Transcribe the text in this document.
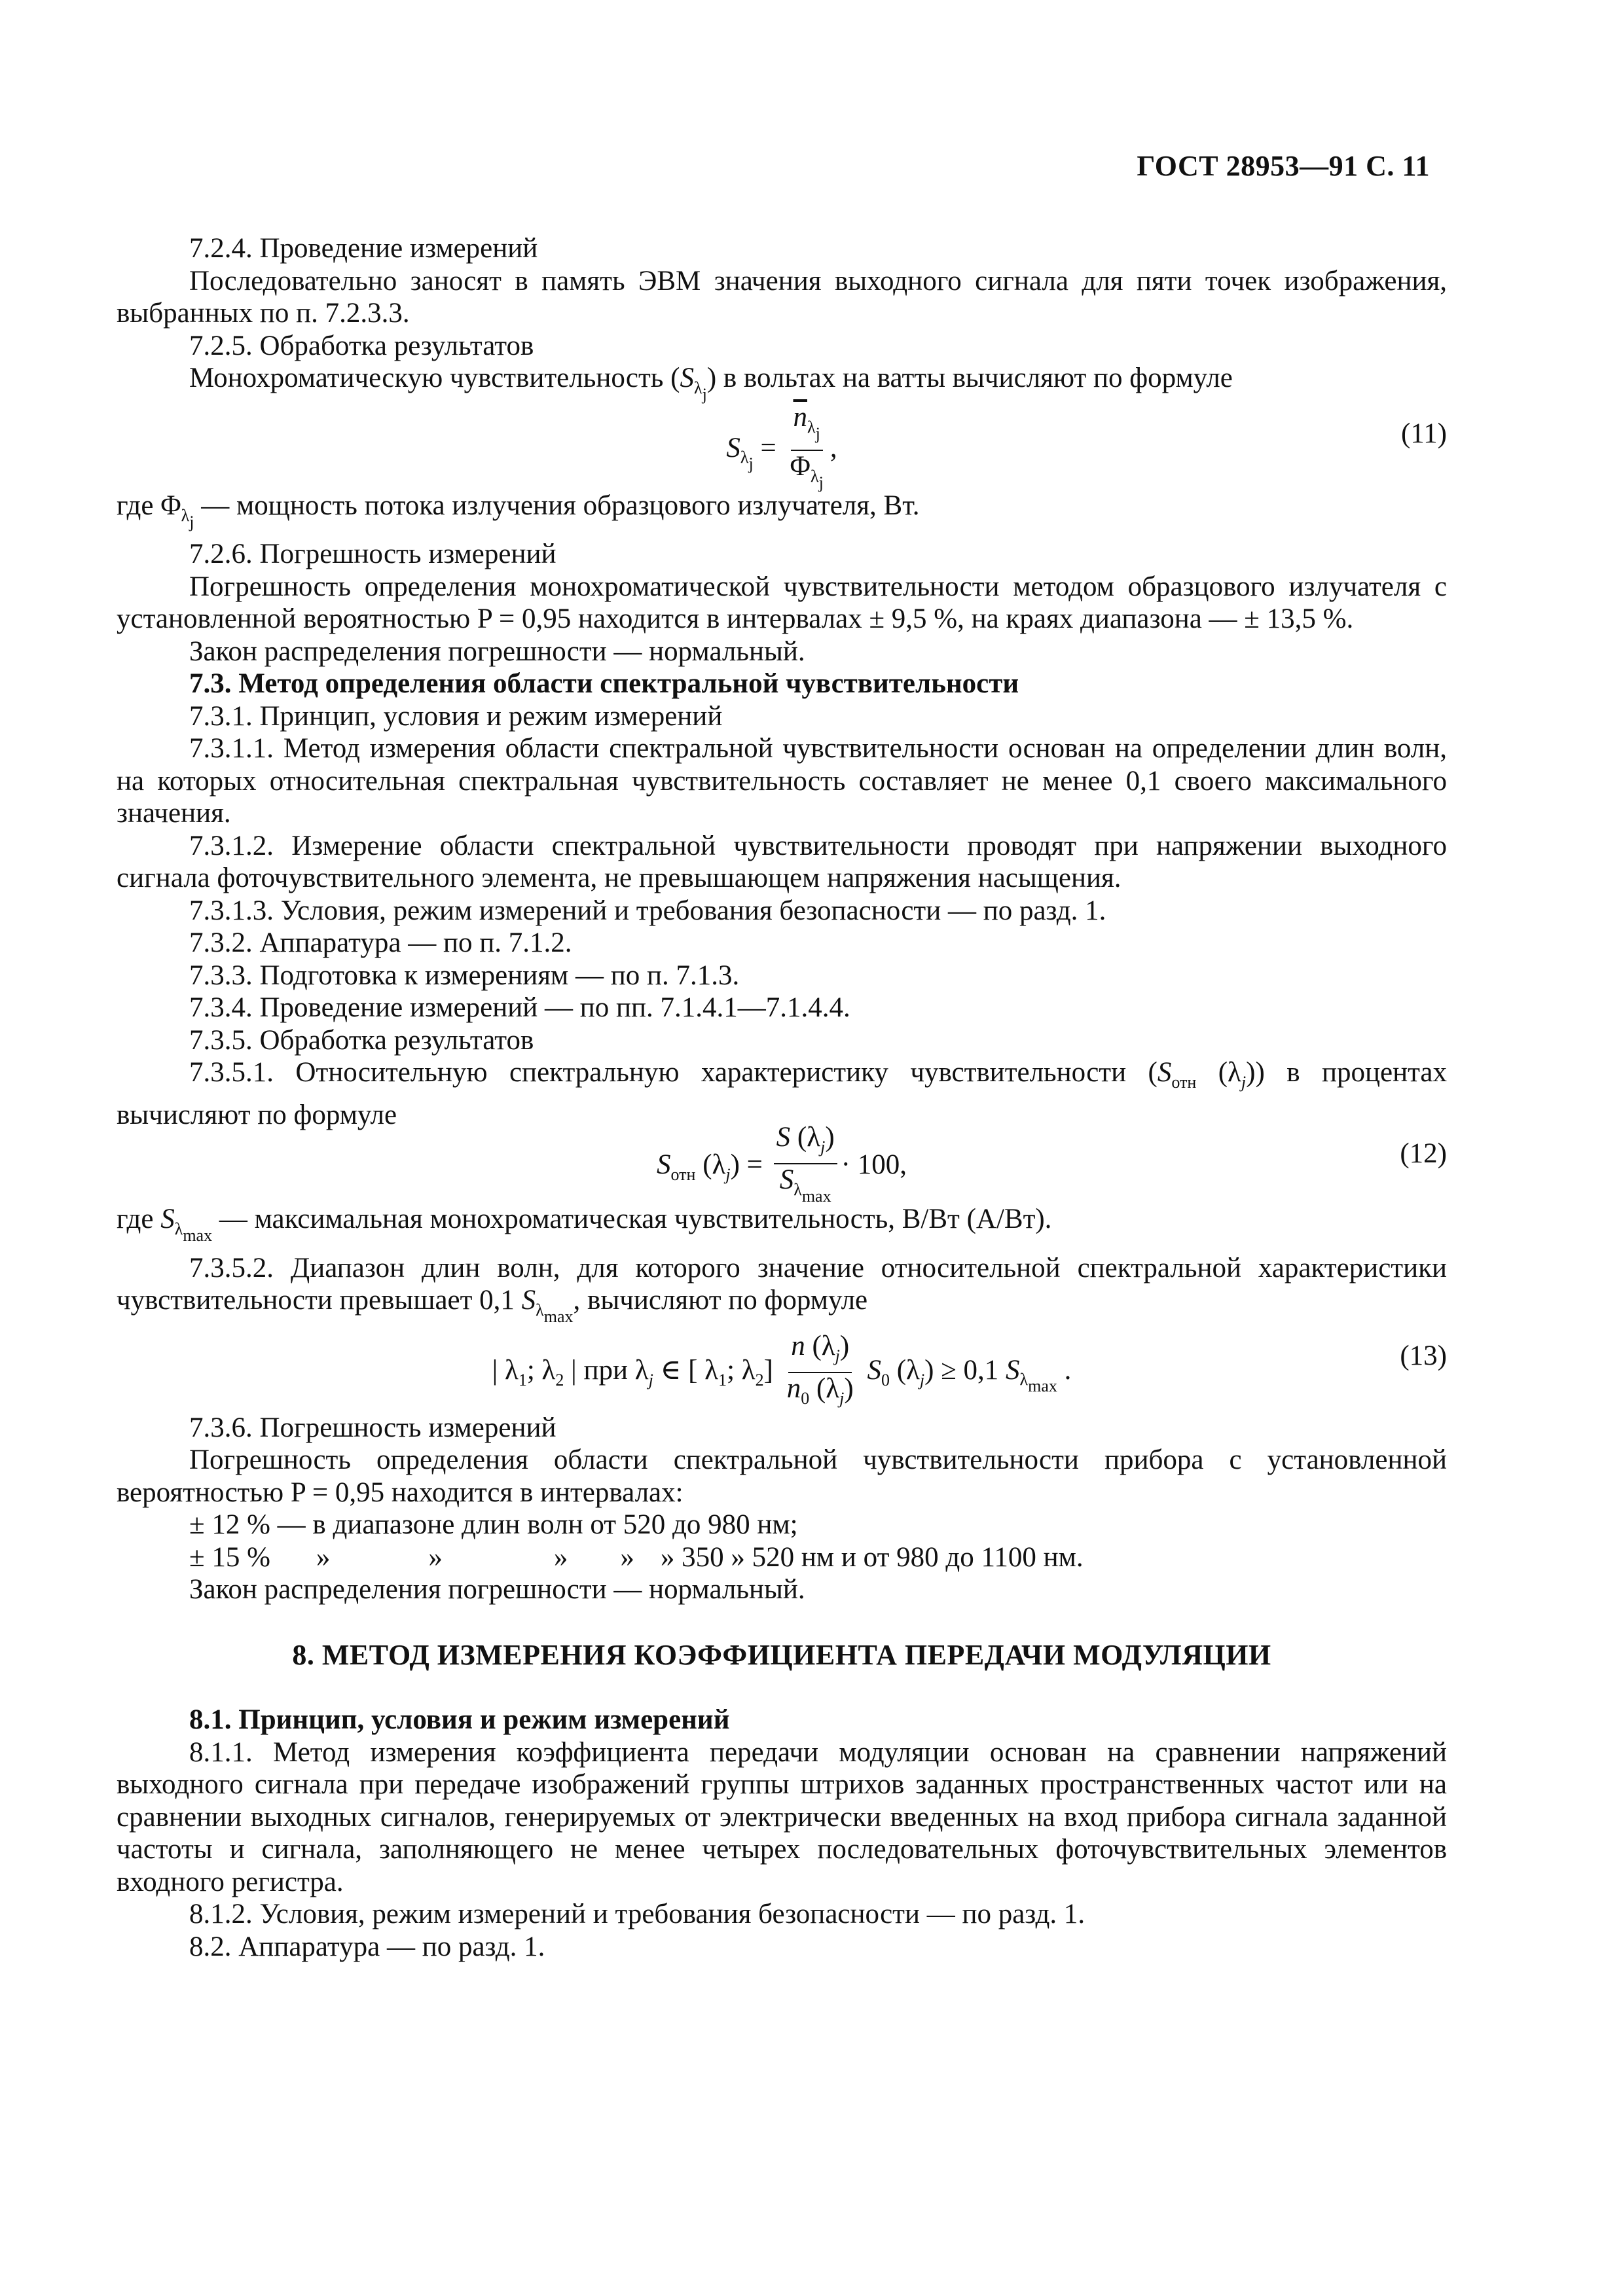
ГОСТ 28953—91 С. 11
7.2.4. Проведение измерений
Последовательно заносят в память ЭВМ значения выходного сигнала для пяти точек изображения, выбранных по п. 7.2.3.3.
7.2.5. Обработка результатов
Монохроматическую чувствительность $(S_{\lambda_j})$ в вольтах на ватты вычисляют по формуле
$S_{\lambda_j} = \frac{\overline{n}_{\lambda_j}}{\Phi_{\lambda_j}}$ ,	(11)
где $\Phi_{\lambda_j}$ — мощность потока излучения образцового излучателя, Вт.
7.2.6. Погрешность измерений
Погрешность определения монохроматической чувствительности методом образцового излучателя с установленной вероятностью P = 0,95 находится в интервалах ± 9,5 %, на краях диапазона — ± 13,5 %.
Закон распределения погрешности — нормальный.
7.3. Метод определения области спектральной чувствительности
7.3.1. Принцип, условия и режим измерений
7.3.1.1. Метод измерения области спектральной чувствительности основан на определении длин волн, на которых относительная спектральная чувствительность составляет не менее 0,1 своего максимального значения.
7.3.1.2. Измерение области спектральной чувствительности проводят при напряжении выходного сигнала фоточувствительного элемента, не превышающем напряжения насыщения.
7.3.1.3. Условия, режим измерений и требования безопасности — по разд. 1.
7.3.2. Аппаратура — по п. 7.1.2.
7.3.3. Подготовка к измерениям — по п. 7.1.3.
7.3.4. Проведение измерений — по пп. 7.1.4.1—7.1.4.4.
7.3.5. Обработка результатов
7.3.5.1. Относительную спектральную характеристику чувствительности ($S_{отн}$ $(\lambda_j)$) в процентах вычисляют по формуле
$S_{отн}$ $(\lambda_j) = \frac{S (\lambda_j)}{S_{\lambda_{max}}} \cdot 100$,	(12)
где $S_{\lambda_{max}}$ — максимальная монохроматическая чувствительность, В/Вт (А/Вт).
7.3.5.2. Диапазон длин волн, для которого значение относительной спектральной характеристики чувствительности превышает 0,1 $S_{\lambda_{max}}$, вычисляют по формуле
| $\lambda_1$; $\lambda_2$ | при $\lambda_j$ ∈ [ $\lambda_1$; $\lambda_2] \frac{n (\lambda_j)}{n_0 (\lambda_j)} S_0$ $(\lambda_j) \ge 0,1$ $S_{\lambda_{max}}$ .	(13)
7.3.6. Погрешность измерений
Погрешность определения области спектральной чувствительности прибора с установленной вероятностью P = 0,95 находится в интервалах:
± 12 % — в диапазоне длин волн от 520 до 980 нм;
± 15 % »	»	» » » 350 » 520 нм и от 980 до 1100 нм.
Закон распределения погрешности — нормальный.
8. МЕТОД ИЗМЕРЕНИЯ КОЭФФИЦИЕНТА ПЕРЕДАЧИ МОДУЛЯЦИИ
8.1. Принцип, условия и режим измерений
8.1.1. Метод измерения коэффициента передачи модуляции основан на сравнении напряжений выходного сигнала при передаче изображений группы штрихов заданных пространственных частот или на сравнении выходных сигналов, генерируемых от электрически введенных на вход прибора сигнала заданной частоты и сигнала, заполняющего не менее четырех последовательных фоточувствительных элементов входного регистра.
8.1.2. Условия, режим измерений и требования безопасности — по разд. 1.
8.2. Аппаратура — по разд. 1.
